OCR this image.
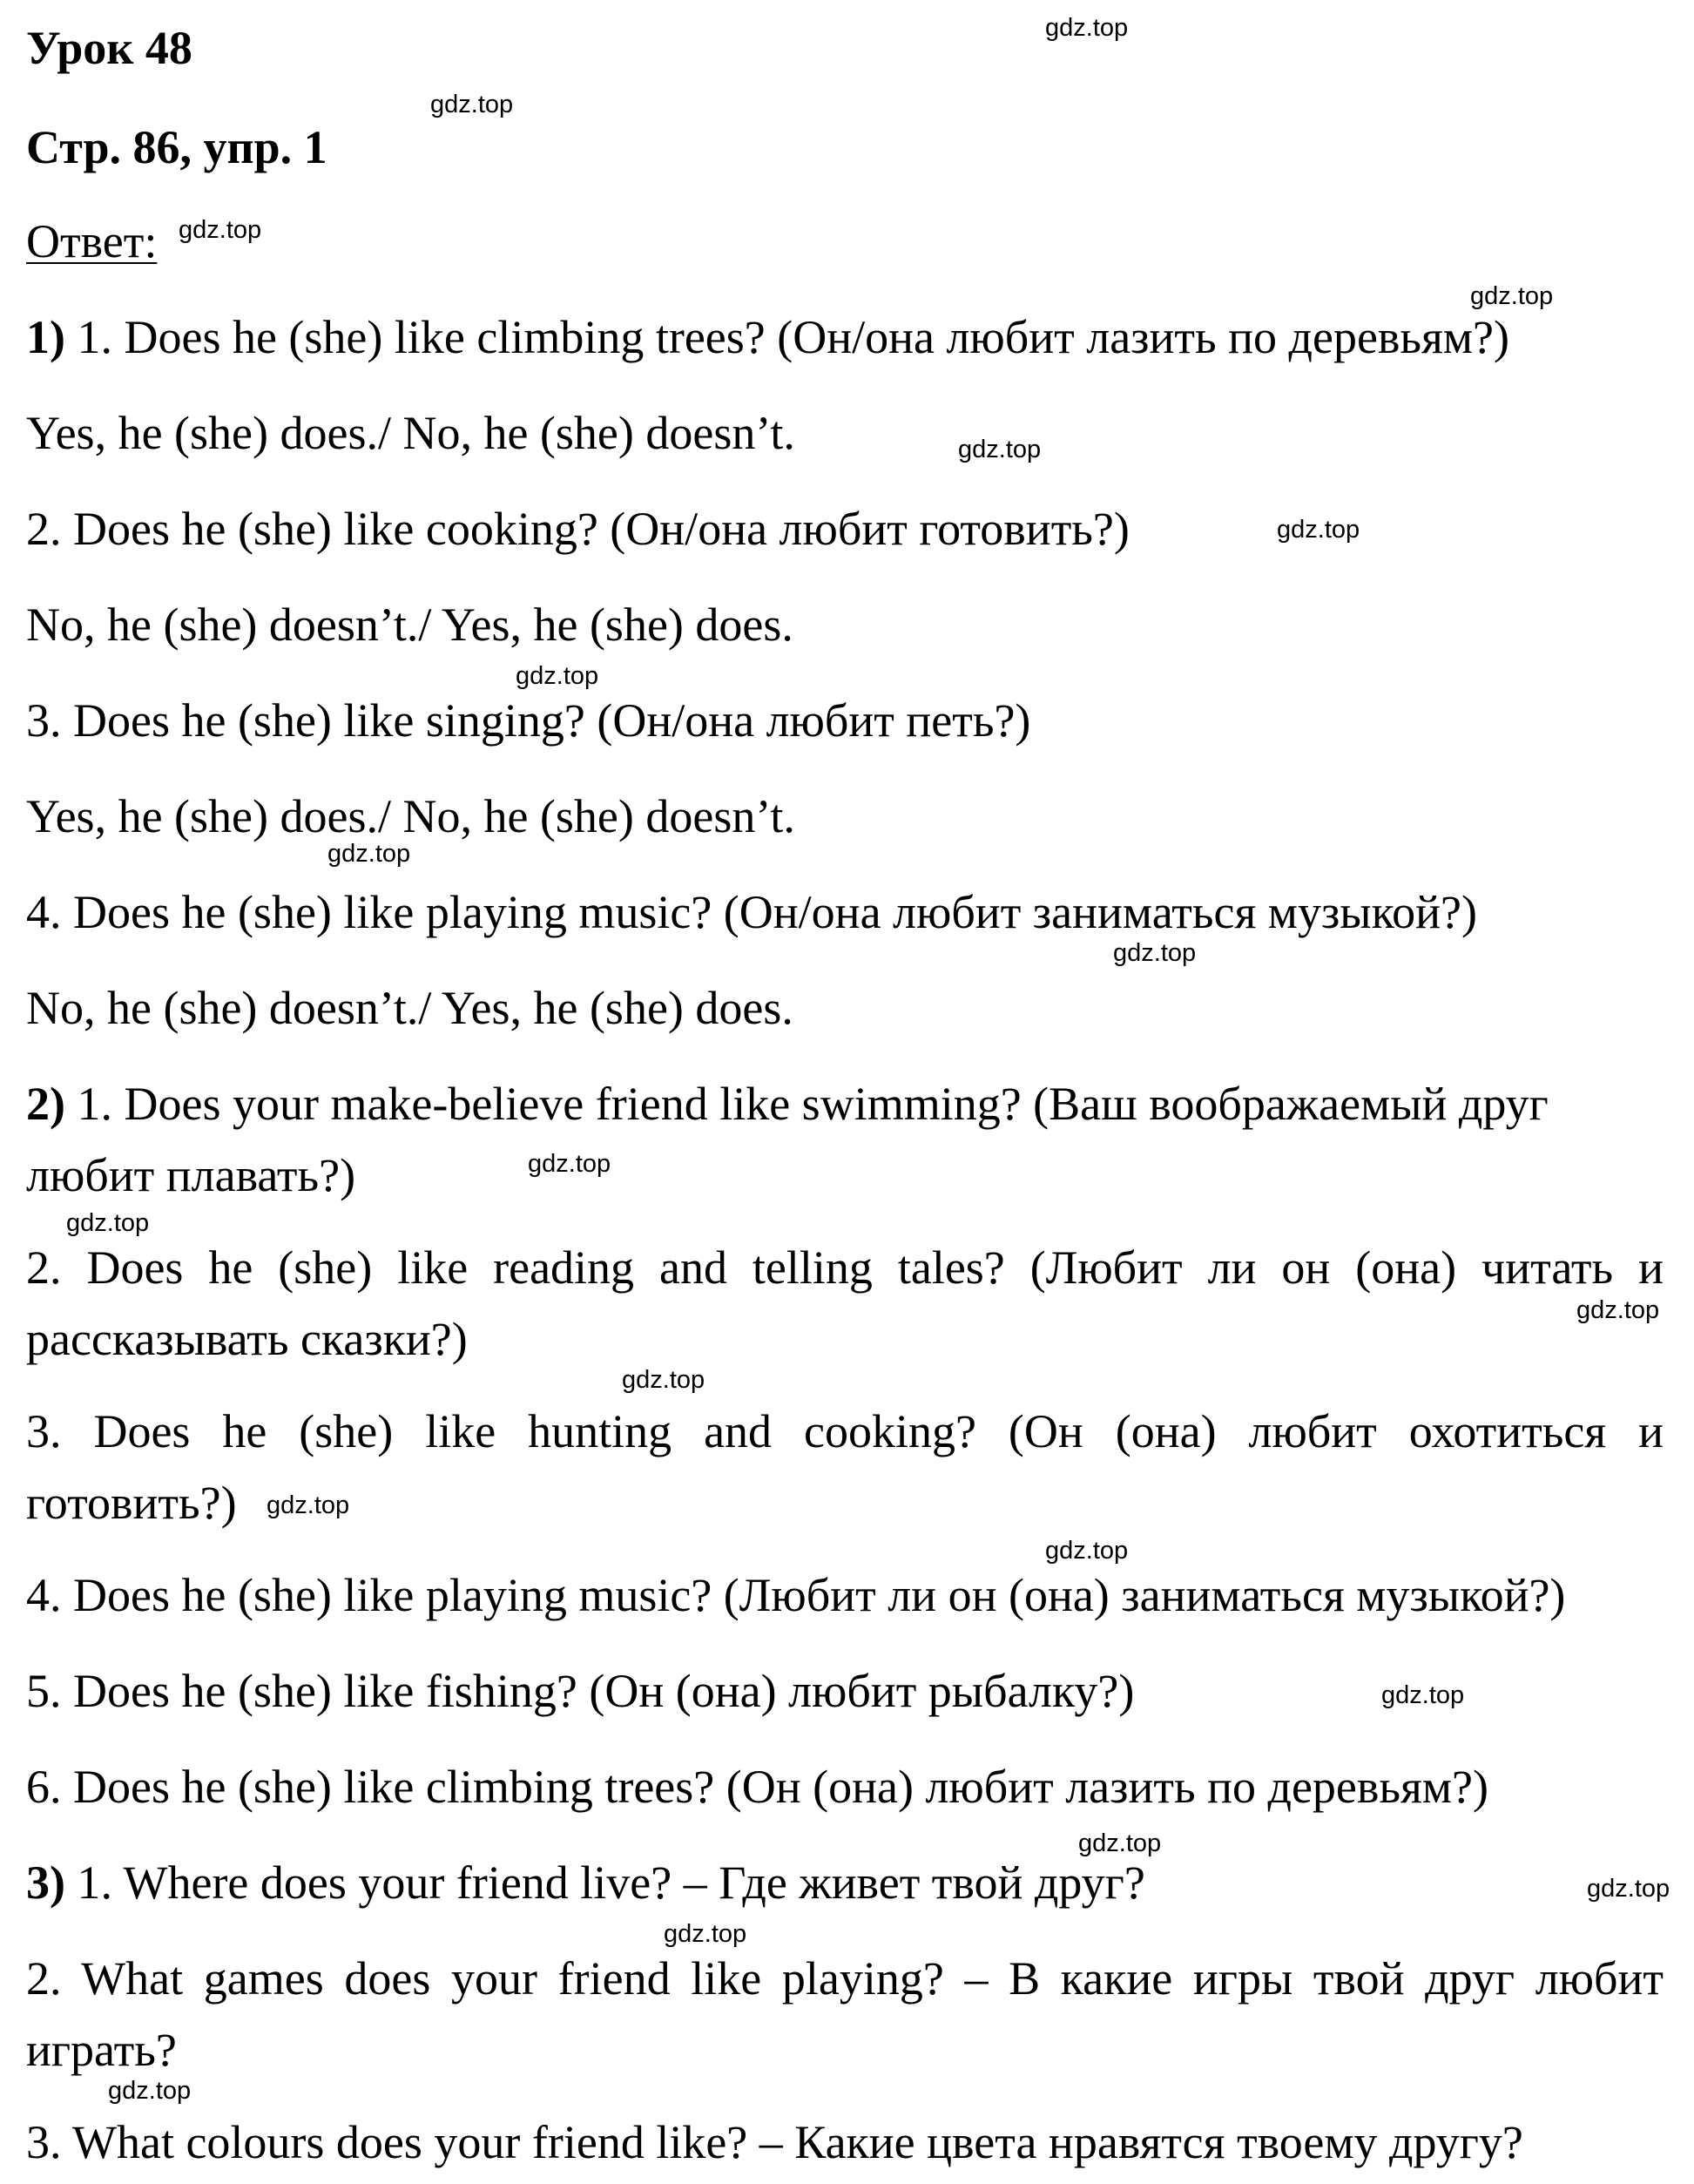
Урок 48
Стр. 86, упр. 1
Ответ:
1) 1. Does he (she) like climbing trees? (Он/она любит лазить по деревьям?)
Yes, he (she) does./ No, he (she) doesn’t.
2. Does he (she) like cooking? (Он/она любит готовить?)
No, he (she) doesn’t./ Yes, he (she) does.
3. Does he (she) like singing? (Он/она любит петь?)
Yes, he (she) does./ No, he (she) doesn’t.
4. Does he (she) like playing music? (Он/она любит заниматься музыкой?)
No, he (she) doesn’t./ Yes, he (she) does.
2) 1. Does your make-believe friend like swimming? (Ваш воображаемый друг
любит плавать?)
2. Does he (she) like reading and telling tales? (Любит ли он (она) читать и
рассказывать сказки?)
3. Does he (she) like hunting and cooking? (Он (она) любит охотиться и
готовить?)
4. Does he (she) like playing music? (Любит ли он (она) заниматься музыкой?)
5. Does he (she) like fishing? (Он (она) любит рыбалку?)
6. Does he (she) like climbing trees? (Он (она) любит лазить по деревьям?)
3) 1. Where does your friend live? – Где живет твой друг?
2. What games does your friend like playing? – В какие игры твой друг любит
играть?
3. What colours does your friend like? – Какие цвета нравятся твоему другу?
gdz.top
gdz.top
gdz.top
gdz.top
gdz.top
gdz.top
gdz.top
gdz.top
gdz.top
gdz.top
gdz.top
gdz.top
gdz.top
gdz.top
gdz.top
gdz.top
gdz.top
gdz.top
gdz.top
gdz.top
